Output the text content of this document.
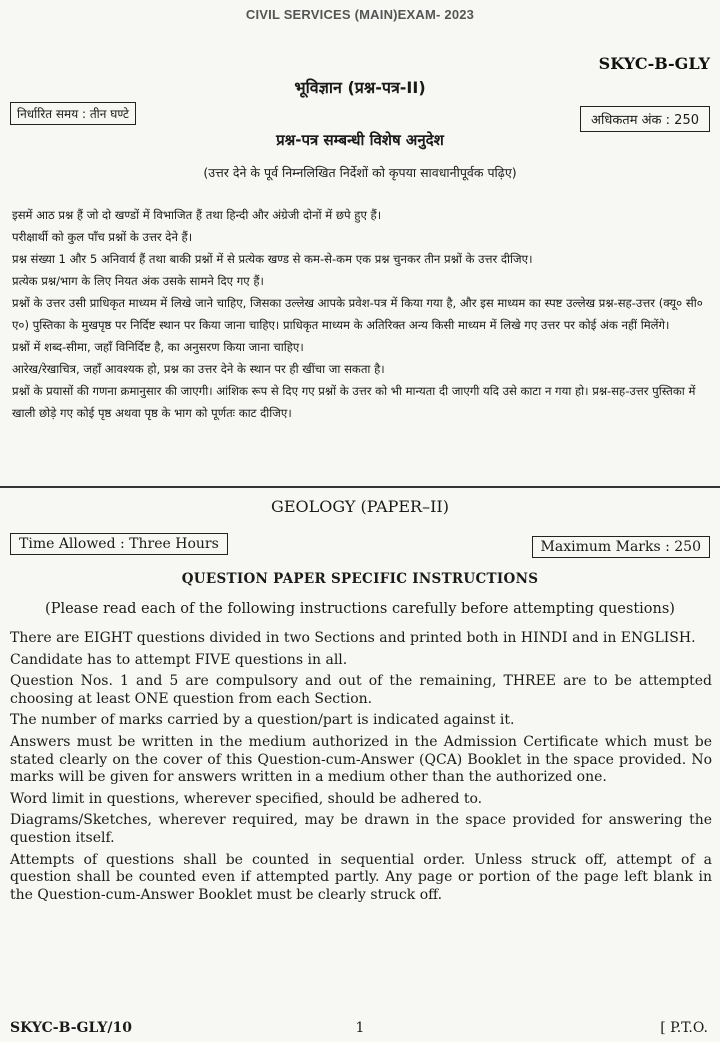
CIVIL SERVICES (MAIN)EXAM- 2023
SKYC-B-GLY
भूविज्ञान (प्रश्न-पत्र-II)
निर्धारित समय : तीन घण्टे	अधिकतम अंक : 250
प्रश्न-पत्र सम्बन्धी विशेष अनुदेश
(उत्तर देने के पूर्व निम्नलिखित निर्देशों को कृपया सावधानीपूर्वक पढ़िए)

इसमें आठ प्रश्न हैं जो दो खण्डों में विभाजित हैं तथा हिन्दी और अंग्रेजी दोनों में छपे हुए हैं।

परीक्षार्थी को कुल पाँच प्रश्नों के उत्तर देने हैं।

प्रश्न संख्या 1 और 5 अनिवार्य हैं तथा बाकी प्रश्नों में से प्रत्येक खण्ड से कम-से-कम एक प्रश्न चुनकर तीन प्रश्नों के उत्तर दीजिए।

प्रत्येक प्रश्न/भाग के लिए नियत अंक उसके सामने दिए गए हैं।

प्रश्नों के उत्तर उसी प्राधिकृत माध्यम में लिखे जाने चाहिए, जिसका उल्लेख आपके प्रवेश-पत्र में किया गया है, और इस माध्यम का स्पष्ट उल्लेख प्रश्न-सह-उत्तर (क्यू० सी० ए०) पुस्तिका के मुखपृष्ठ पर निर्दिष्ट स्थान पर किया जाना चाहिए। प्राधिकृत माध्यम के अतिरिक्त अन्य किसी माध्यम में लिखे गए उत्तर पर कोई अंक नहीं मिलेंगे।

प्रश्नों में शब्द-सीमा, जहाँ विनिर्दिष्ट है, का अनुसरण किया जाना चाहिए।

आरेख/रेखाचित्र, जहाँ आवश्यक हो, प्रश्न का उत्तर देने के स्थान पर ही खींचा जा सकता है।

प्रश्नों के प्रयासों की गणना क्रमानुसार की जाएगी। आंशिक रूप से दिए गए प्रश्नों के उत्तर को भी मान्यता दी जाएगी यदि उसे काटा न गया हो। प्रश्न-सह-उत्तर पुस्तिका में खाली छोड़े गए कोई पृष्ठ अथवा पृष्ठ के भाग को पूर्णतः काट दीजिए।

GEOLOGY (PAPER–II)
Time Allowed : Three Hours	Maximum Marks : 250
QUESTION PAPER SPECIFIC INSTRUCTIONS
(Please read each of the following instructions carefully before attempting questions)

There are EIGHT questions divided in two Sections and printed both in HINDI and in ENGLISH.

Candidate has to attempt FIVE questions in all.

Question Nos. 1 and 5 are compulsory and out of the remaining, THREE are to be attempted choosing at least ONE question from each Section.

The number of marks carried by a question/part is indicated against it.

Answers must be written in the medium authorized in the Admission Certificate which must be stated clearly on the cover of this Question-cum-Answer (QCA) Booklet in the space provided. No marks will be given for answers written in a medium other than the authorized one.

Word limit in questions, wherever specified, should be adhered to.

Diagrams/Sketches, wherever required, may be drawn in the space provided for answering the question itself.

Attempts of questions shall be counted in sequential order. Unless struck off, attempt of a question shall be counted even if attempted partly. Any page or portion of the page left blank in the Question-cum-Answer Booklet must be clearly struck off.

SKYC-B-GLY/10	1	[ P.T.O.
